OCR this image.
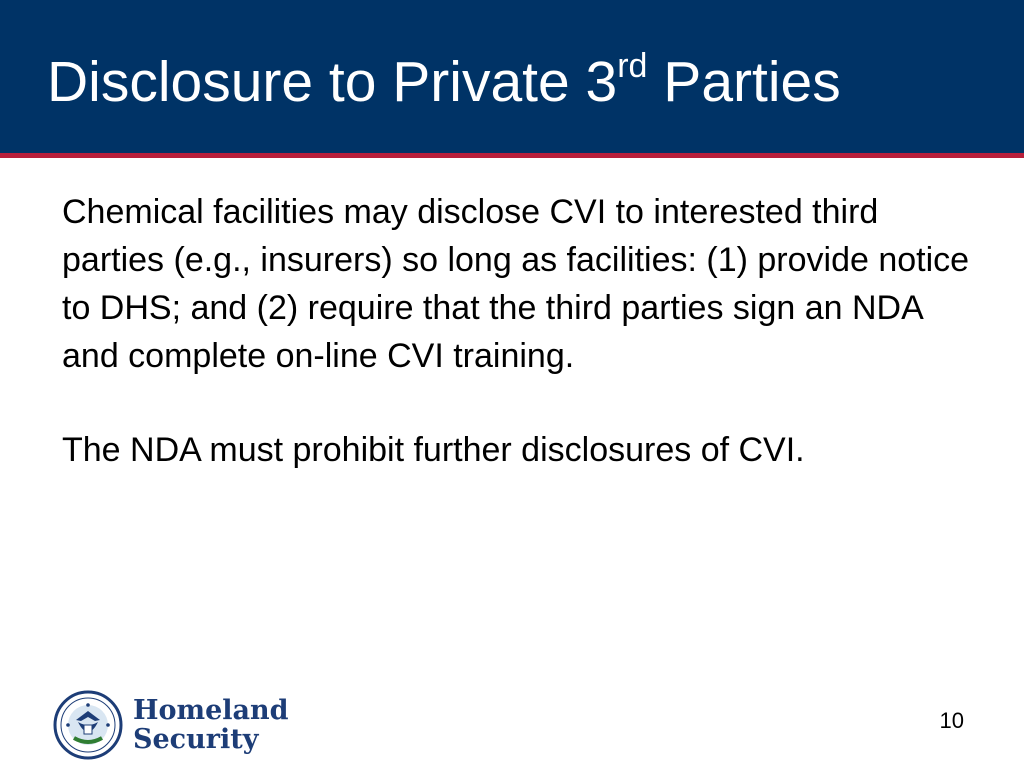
Disclosure to Private 3rd Parties

Chemical facilities may disclose CVI to interested third parties (e.g., insurers) so long as facilities: (1) provide notice to DHS; and (2) require that the third parties sign an NDA and complete on-line CVI training.

The NDA must prohibit further disclosures of CVI.

Homeland
Security
10
